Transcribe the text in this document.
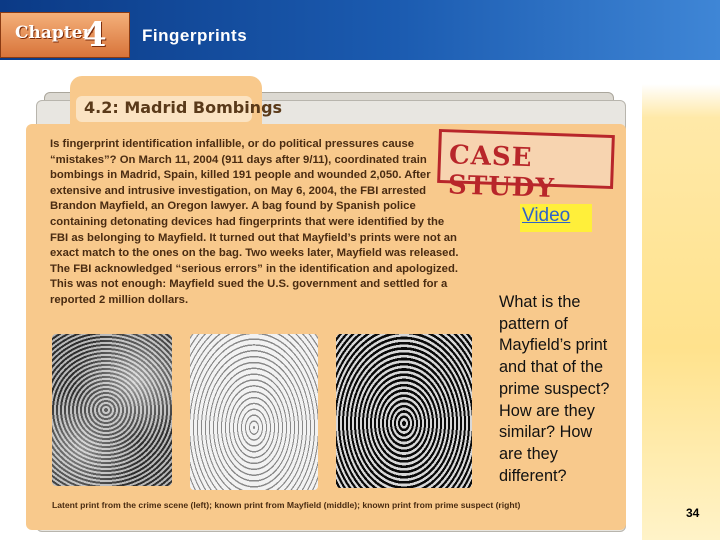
Chapter
4 Fingerprints
4.2: Madrid Bombings
Is fingerprint identification infallible, or do political pressures cause “mistakes”? On March 11, 2004 (911 days after 9/11), coordinated train bombings in Madrid, Spain, killed 191 people and wounded 2,050. After extensive and intrusive investigation, on May 6, 2004, the FBI arrested Brandon Mayfield, an Oregon lawyer. A bag found by Spanish police containing detonating devices had fingerprints that were identified by the FBI as belonging to Mayfield. It turned out that Mayfield’s prints were not an exact match to the ones on the bag. Two weeks later, Mayfield was released. The FBI acknowledged “serious errors” in the identification and apologized. This was not enough: Mayfield sued the U.S. government and settled for a reported 2 million dollars.
CASE STUDY
Video
Latent print from the crime scene (left); known print from Mayfield (middle); known print from prime suspect (right)
What is the pattern of Mayfield’s print and that of the prime suspect? How are they similar? How are they different?
34
